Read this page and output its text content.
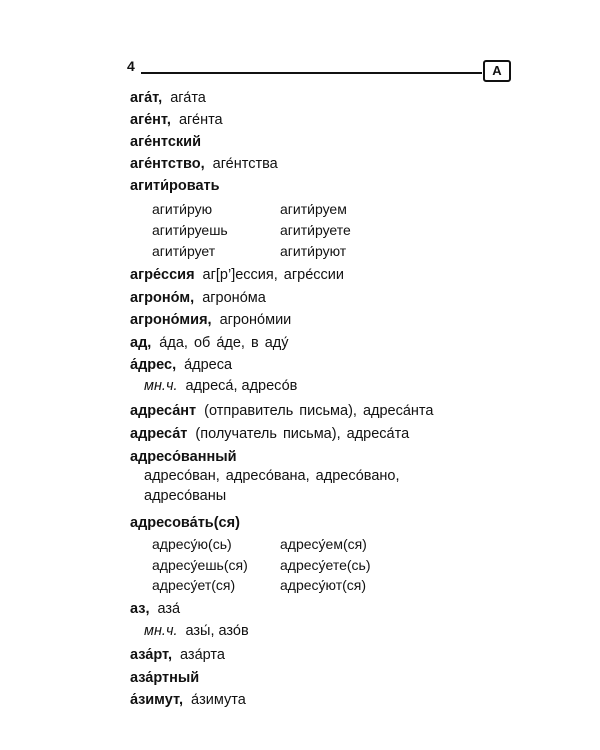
4	А
ага́т, ага́та
аге́нт, аге́нта
аге́нтский
аге́нтство, аге́нтства
агити́ровать
агити́рую	агити́руем
агити́руешь	агити́руете
агити́рует	агити́руют
агре́ссия аг[р’]ессия, агре́ссии
агроно́м, агроно́ма
агроно́мия, агроно́мии
ад, а́да, об а́де, в аду́
а́дрес, а́дреса
мн.ч. адреса́, адресо́в
адреса́нт (отправитель письма), адреса́нта
адреса́т (получатель письма), адреса́та
адресо́ванный
адресо́ван, адресо́вана, адресо́вано,
адресо́ваны
адресова́ть(ся)
адресу́ю(сь)	адресу́ем(ся)
адресу́ешь(ся) адресу́ете(сь)
адресу́ет(ся)	адресу́ют(ся)
аз, аза́
мн.ч. азы́, азо́в
аза́рт, аза́рта
аза́ртный
а́зимут, а́зимута
